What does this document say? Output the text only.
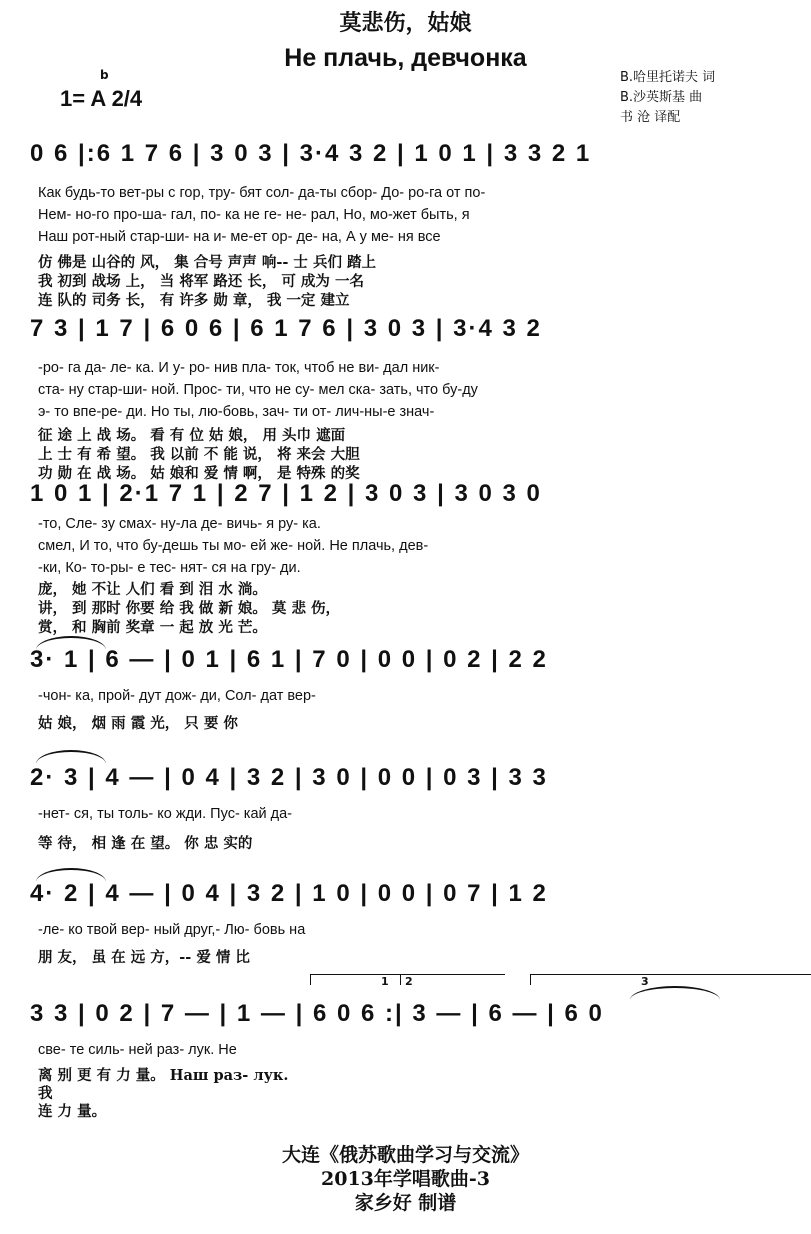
莫悲伤，姑娘
Не плачь, девчонка
b
1= A 2/4
B.哈里托诺夫 词
B.沙英斯基 曲
书 沧 译配
0 6 |:6 1 7 6 | 3 0 3 | 3·4 3 2 | 1 0 1 | 3 3 2 1
Как будь-то вет-ры с гор, тру- бят сол- да-ты сбор- До- ро-га от по-
Нем- но-го про-ша- гал, по- ка не ге- не- рал, Но, мо-жет быть, я
Наш рот-ный стар-ши- на и- ме-ет ор- де- на, А у ме- ня все
仿 佛是 山谷的 风， 集 合号 声声 响-- 士 兵们 踏上
我 初到 战场 上， 当 将军 路还 长， 可 成为 一名
连 队的 司务 长， 有 许多 勋 章， 我 一定 建立
7 3 | 1 7 | 6 0 6 | 6 1 7 6 | 3 0 3 | 3·4 3 2
-ро- га да- ле- ка. И у- ро- нив пла- ток, чтоб не ви- дал ник-
ста- ну стар-ши- ной. Прос- ти, что не су- мел ска- зать, что бу-ду
э- то впе-ре- ди. Но ты, лю-бовь, зач- ти от- лич-ны-е знач-
征 途 上 战 场。 看 有 位 姑 娘， 用 头巾 遮面
上 士 有 希 望。 我 以前 不 能 说， 将 来会 大胆
功 勋 在 战 场。 姑 娘和 爱 情 啊， 是 特殊 的奖
1 0 1 | 2·1 7 1 | 2 7 | 1 2 | 3 0 3 | 3 0 3 0
-то, Сле- зу смах- ну-ла де- вичь- я ру- ка.
смел, И то, что бу-дешь ты мо- ей же- ной. Не плачь, дев-
-ки, Ко- то-ры- е тес- нят- ся на гру- ди.
庞， 她 不让 人们 看 到 泪 水 淌。
讲， 到 那时 你要 给 我 做 新 娘。 莫 悲 伤，
赏， 和 胸前 奖章 一 起 放 光 芒。
3· 1 | 6 — | 0 1 | 6 1 | 7 0 | 0 0 | 0 2 | 2 2
-чон- ка, прой- дут дож- ди, Сол- дат вер-
姑 娘， 烟 雨 霞 光， 只 要 你
2· 3 | 4 — | 0 4 | 3 2 | 3 0 | 0 0 | 0 3 | 3 3
-нет- ся, ты толь- ко жди. Пус- кай да-
等 待， 相 逢 在 望。 你 忠 实的
4· 2 | 4 — | 0 4 | 3 2 | 1 0 | 0 0 | 0 7 | 1 2
-ле- ко твой вер- ный друг,- Лю- бовь на
朋 友， 虽 在 远 方，-- 爱 情 比
1	2	3
3 3 | 0 2 | 7 — | 1 — | 6 0 6 :| 3 — | 6 — | 6 0
све- те силь- ней раз- лук. Не
离 别 更 有 力 量。 Наш раз- лук.
我
连 力 量。
大连《俄苏歌曲学习与交流》
2013年学唱歌曲-3
家乡好 制谱
